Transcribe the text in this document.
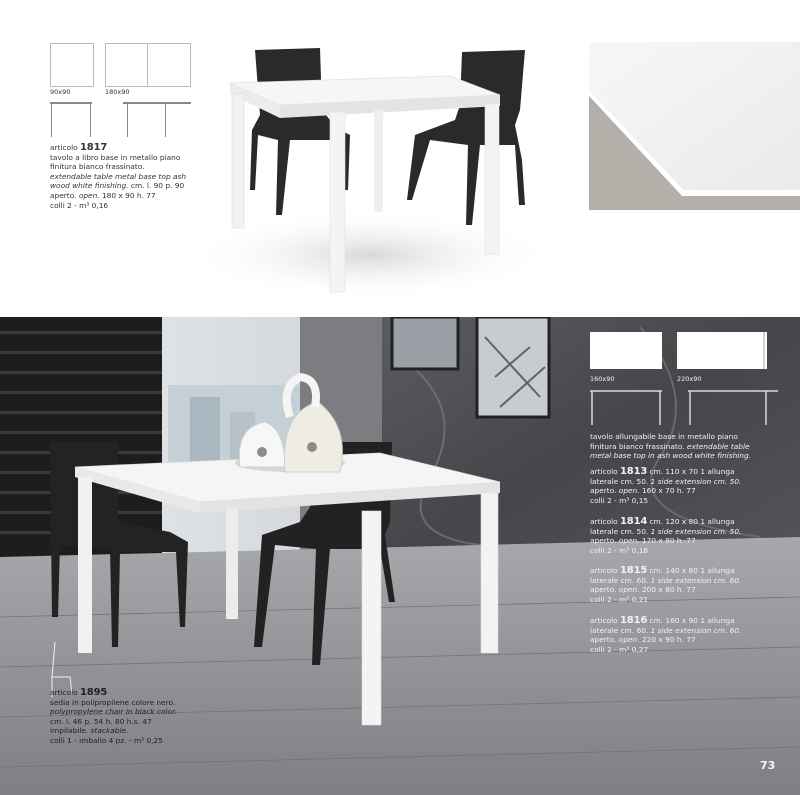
90x90	180x90
articolo 1817
tavolo a libro base in metallo piano
finitura bianco frassinato.
extendable table metal base top ash
wood white finishing. cm. l. 90 p. 90
aperto. open. 180 x 90 h. 77
colli 2 - m³ 0,16
160x90	220x90
tavolo allungabile base in metallo piano
finitura bianco frassinato. extendable table
metal base top in ash wood white finishing.
articolo 1813 cm. 110 x 70 1 allunga
laterale cm. 50. 1 side extension cm. 50.
aperto. open. 160 x 70 h. 77
colli 2 - m³ 0,15
articolo 1814 cm. 120 x 80 1 allunga
laterale cm. 50. 1 side extension cm. 50.
aperto. open. 170 x 80 h. 77
colli 2 - m³ 0,18
articolo 1815 cm. 140 x 80 1 allunga
laterale cm. 60. 1 side extension cm. 60.
aperto. open. 200 x 80 h. 77
colli 2 - m³ 0,21
articolo 1816 cm. 160 x 90 1 allunga
laterale cm. 60. 1 side extension cm. 60.
aperto. open. 220 x 90 h. 77
colli 2 - m³ 0,27
articolo 1895
sedia in polipropilene colore nero.
polypropylene chair in black color.
cm. l. 46 p. 54 h. 80 h.s. 47
impilabile. stackable.
colli 1 - imballo 4 pz. - m³ 0,25
73
